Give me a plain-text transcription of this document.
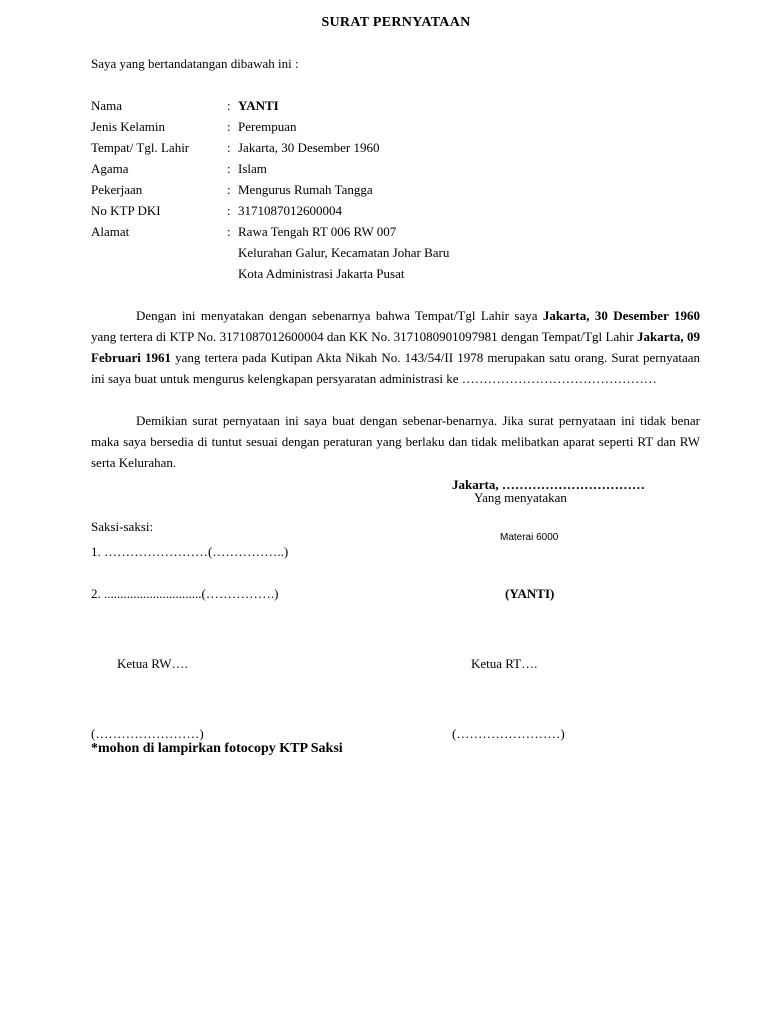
SURAT PERNYATAAN
Saya yang bertandatangan dibawah ini :
Nama	: YANTI
Jenis Kelamin	: Perempuan
Tempat/ Tgl. Lahir	: Jakarta, 30 Desember 1960
Agama	: Islam
Pekerjaan	: Mengurus Rumah Tangga
No KTP DKI	: 3171087012600004
Alamat	: Rawa Tengah RT 006 RW 007
Kelurahan Galur, Kecamatan Johar Baru
Kota Administrasi Jakarta Pusat
Dengan ini menyatakan dengan sebenarnya bahwa Tempat/Tgl Lahir saya Jakarta, 30 Desember 1960 yang tertera di KTP No. 3171087012600004 dan KK No. 3171080901097981 dengan Tempat/Tgl Lahir Jakarta, 09 Februari 1961 yang tertera pada Kutipan Akta Nikah No. 143/54/II 1978 merupakan satu orang. Surat pernyataan ini saya buat untuk mengurus kelengkapan persyaratan administrasi ke ………………………………………
Demikian surat pernyataan ini saya buat dengan sebenar-benarnya. Jika surat pernyataan ini tidak benar maka saya bersedia di tuntut sesuai dengan peraturan yang berlaku dan tidak melibatkan aparat seperti RT dan RW serta Kelurahan.
Jakarta, ……………………………
Yang menyatakan
Saksi-saksi:
Materai 6000
1. ……………………(……………..)
2. ..............................(…………….)	(YANTI)
Ketua RW….	Ketua RT….
(……………………)	(……………………)
*mohon di lampirkan fotocopy KTP Saksi
